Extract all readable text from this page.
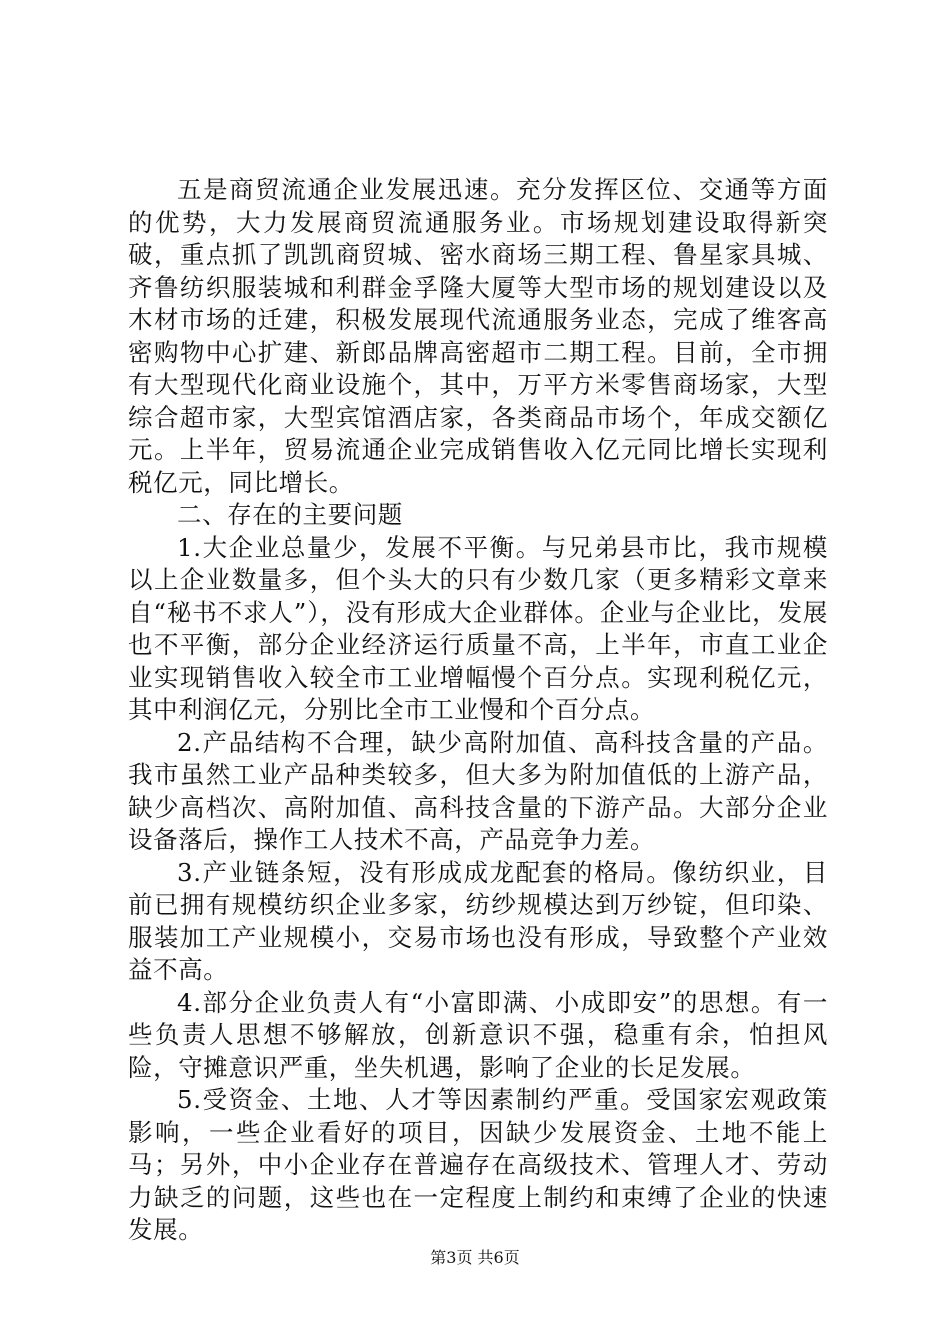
五是商贸流通企业发展迅速。充分发挥区位、交通等方面的优势，大力发展商贸流通服务业。市场规划建设取得新突破，重点抓了凯凯商贸城、密水商场三期工程、鲁星家具城、齐鲁纺织服装城和利群金孚隆大厦等大型市场的规划建设以及木材市场的迁建，积极发展现代流通服务业态，完成了维客高密购物中心扩建、新郎品牌高密超市二期工程。目前，全市拥有大型现代化商业设施个，其中，万平方米零售商场家，大型综合超市家，大型宾馆酒店家，各类商品市场个，年成交额亿元。上半年，贸易流通企业完成销售收入亿元同比增长实现利税亿元，同比增长。

二、存在的主要问题

1.大企业总量少，发展不平衡。与兄弟县市比，我市规模以上企业数量多，但个头大的只有少数几家（更多精彩文章来自“秘书不求人”），没有形成大企业群体。企业与企业比，发展也不平衡，部分企业经济运行质量不高，上半年，市直工业企业实现销售收入较全市工业增幅慢个百分点。实现利税亿元，其中利润亿元，分别比全市工业慢和个百分点。

2.产品结构不合理，缺少高附加值、高科技含量的产品。我市虽然工业产品种类较多，但大多为附加值低的上游产品，缺少高档次、高附加值、高科技含量的下游产品。大部分企业设备落后，操作工人技术不高，产品竞争力差。

3.产业链条短，没有形成成龙配套的格局。像纺织业，目前已拥有规模纺织企业多家，纺纱规模达到万纱锭，但印染、服装加工产业规模小，交易市场也没有形成，导致整个产业效益不高。

4.部分企业负责人有“小富即满、小成即安”的思想。有一些负责人思想不够解放，创新意识不强，稳重有余，怕担风险，守摊意识严重，坐失机遇，影响了企业的长足发展。

5.受资金、土地、人才等因素制约严重。受国家宏观政策影响，一些企业看好的项目，因缺少发展资金、土地不能上马；另外，中小企业存在普遍存在高级技术、管理人才、劳动力缺乏的问题，这些也在一定程度上制约和束缚了企业的快速发展。

第3页 共6页
